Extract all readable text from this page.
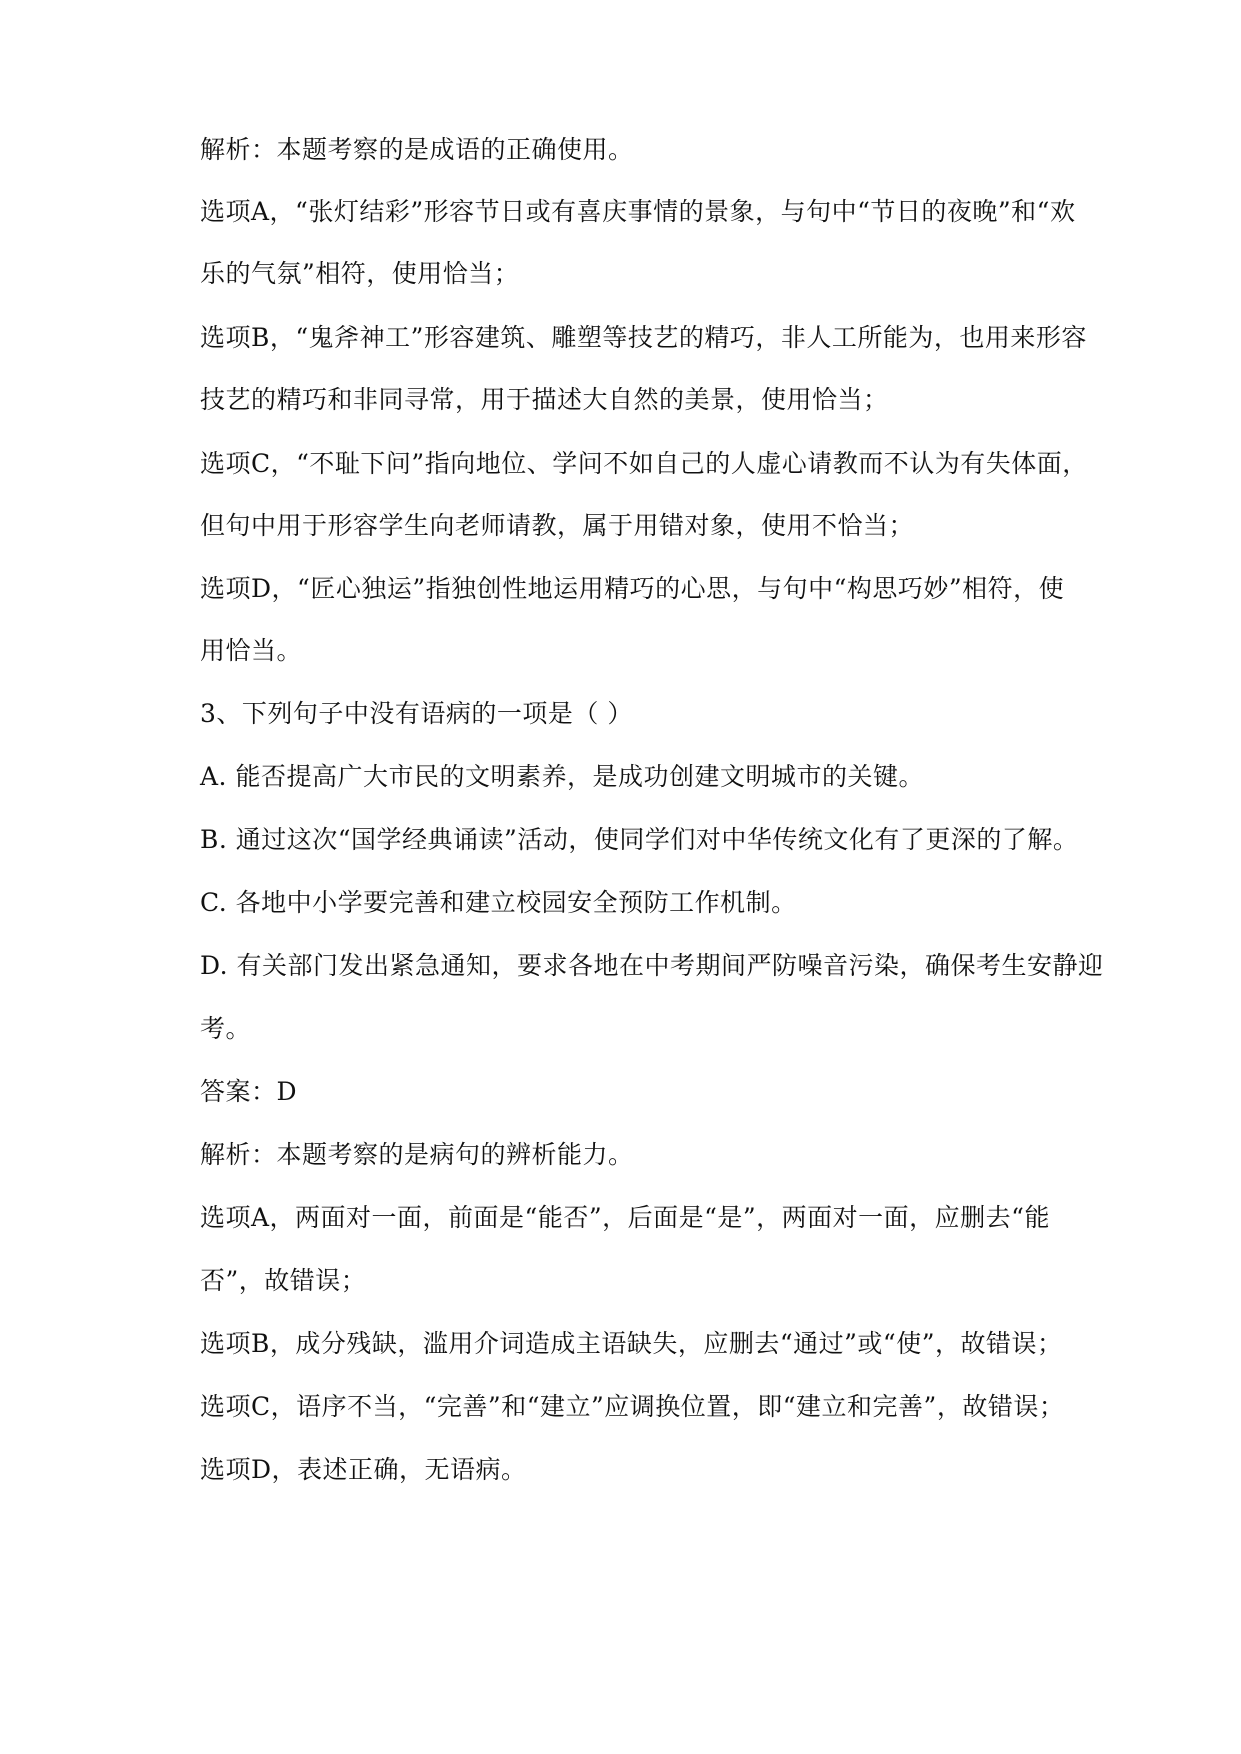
解析：本题考察的是成语的正确使用。
选项A，“张灯结彩”形容节日或有喜庆事情的景象，与句中“节日的夜晚”和“欢
乐的气氛”相符，使用恰当；
选项B，“鬼斧神工”形容建筑、雕塑等技艺的精巧，非人工所能为，也用来形容
技艺的精巧和非同寻常，用于描述大自然的美景，使用恰当；
选项C，“不耻下问”指向地位、学问不如自己的人虚心请教而不认为有失体面，
但句中用于形容学生向老师请教，属于用错对象，使用不恰当；
选项D，“匠心独运”指独创性地运用精巧的心思，与句中“构思巧妙”相符，使
用恰当。
3、下列句子中没有语病的一项是（ ）
A. 能否提高广大市民的文明素养，是成功创建文明城市的关键。
B. 通过这次“国学经典诵读”活动，使同学们对中华传统文化有了更深的了解。
C. 各地中小学要完善和建立校园安全预防工作机制。
D. 有关部门发出紧急通知，要求各地在中考期间严防噪音污染，确保考生安静迎
考。
答案：D
解析：本题考察的是病句的辨析能力。
选项A，两面对一面，前面是“能否”，后面是“是”，两面对一面，应删去“能
否”，故错误；
选项B，成分残缺，滥用介词造成主语缺失，应删去“通过”或“使”，故错误；
选项C，语序不当，“完善”和“建立”应调换位置，即“建立和完善”，故错误；
选项D，表述正确，无语病。
